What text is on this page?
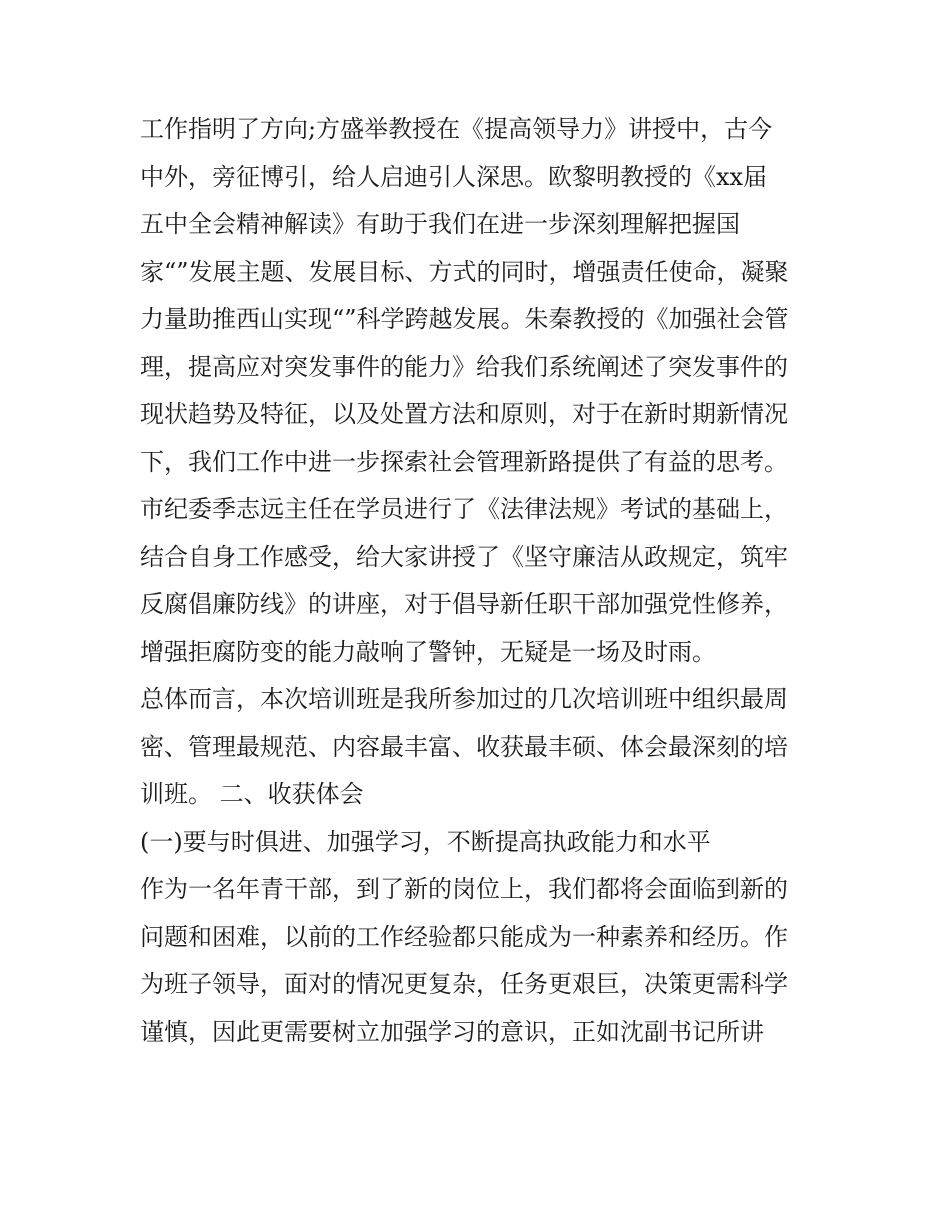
工作指明了方向;方盛举教授在《提高领导力》讲授中，古今
中外，旁征博引，给人启迪引人深思。欧黎明教授的《xx届
五中全会精神解读》有助于我们在进一步深刻理解把握国
家“”发展主题、发展目标、方式的同时，增强责任使命，凝聚
力量助推西山实现“”科学跨越发展。朱秦教授的《加强社会管
理，提高应对突发事件的能力》给我们系统阐述了突发事件的
现状趋势及特征，以及处置方法和原则，对于在新时期新情况
下，我们工作中进一步探索社会管理新路提供了有益的思考。
市纪委季志远主任在学员进行了《法律法规》考试的基础上，
结合自身工作感受，给大家讲授了《坚守廉洁从政规定，筑牢
反腐倡廉防线》的讲座，对于倡导新任职干部加强党性修养，
增强拒腐防变的能力敲响了警钟，无疑是一场及时雨。
总体而言，本次培训班是我所参加过的几次培训班中组织最周
密、管理最规范、内容最丰富、收获最丰硕、体会最深刻的培
训班。 二、收获体会
(一)要与时俱进、加强学习，不断提高执政能力和水平
作为一名年青干部，到了新的岗位上，我们都将会面临到新的
问题和困难，以前的工作经验都只能成为一种素养和经历。作
为班子领导，面对的情况更复杂，任务更艰巨，决策更需科学
谨慎，因此更需要树立加强学习的意识，正如沈副书记所讲
